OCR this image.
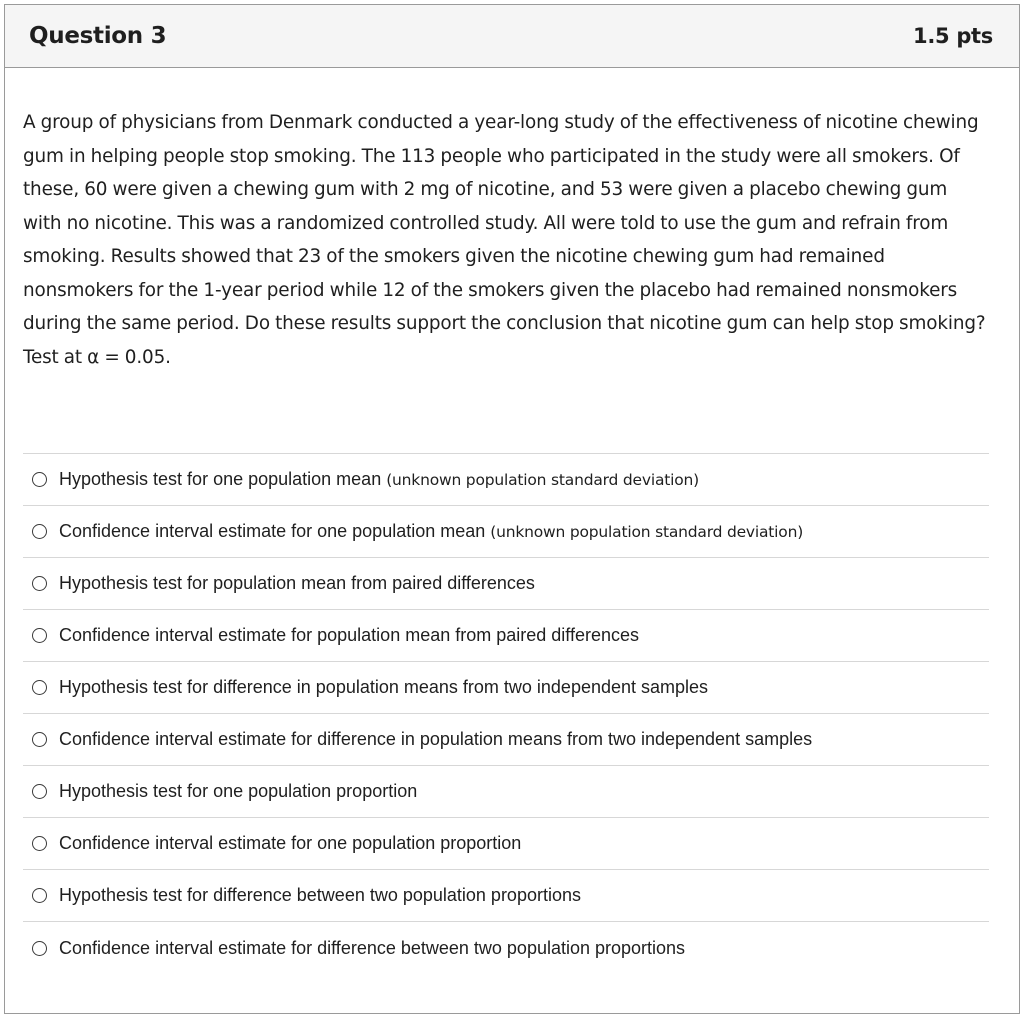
Question 3	1.5 pts

A group of physicians from Denmark conducted a year-long study of the effectiveness of nicotine chewing gum in helping people stop smoking. The 113 people who participated in the study were all smokers. Of these, 60 were given a chewing gum with 2 mg of nicotine, and 53 were given a placebo chewing gum with no nicotine. This was a randomized controlled study. All were told to use the gum and refrain from smoking. Results showed that 23 of the smokers given the nicotine chewing gum had remained nonsmokers for the 1-year period while 12 of the smokers given the placebo had remained nonsmokers during the same period. Do these results support the conclusion that nicotine gum can help stop smoking? Test at α = 0.05.

Hypothesis test for one population mean (unknown population standard deviation)
Confidence interval estimate for one population mean (unknown population standard deviation)
Hypothesis test for population mean from paired differences
Confidence interval estimate for population mean from paired differences
Hypothesis test for difference in population means from two independent samples
Confidence interval estimate for difference in population means from two independent samples
Hypothesis test for one population proportion
Confidence interval estimate for one population proportion
Hypothesis test for difference between two population proportions
Confidence interval estimate for difference between two population proportions
